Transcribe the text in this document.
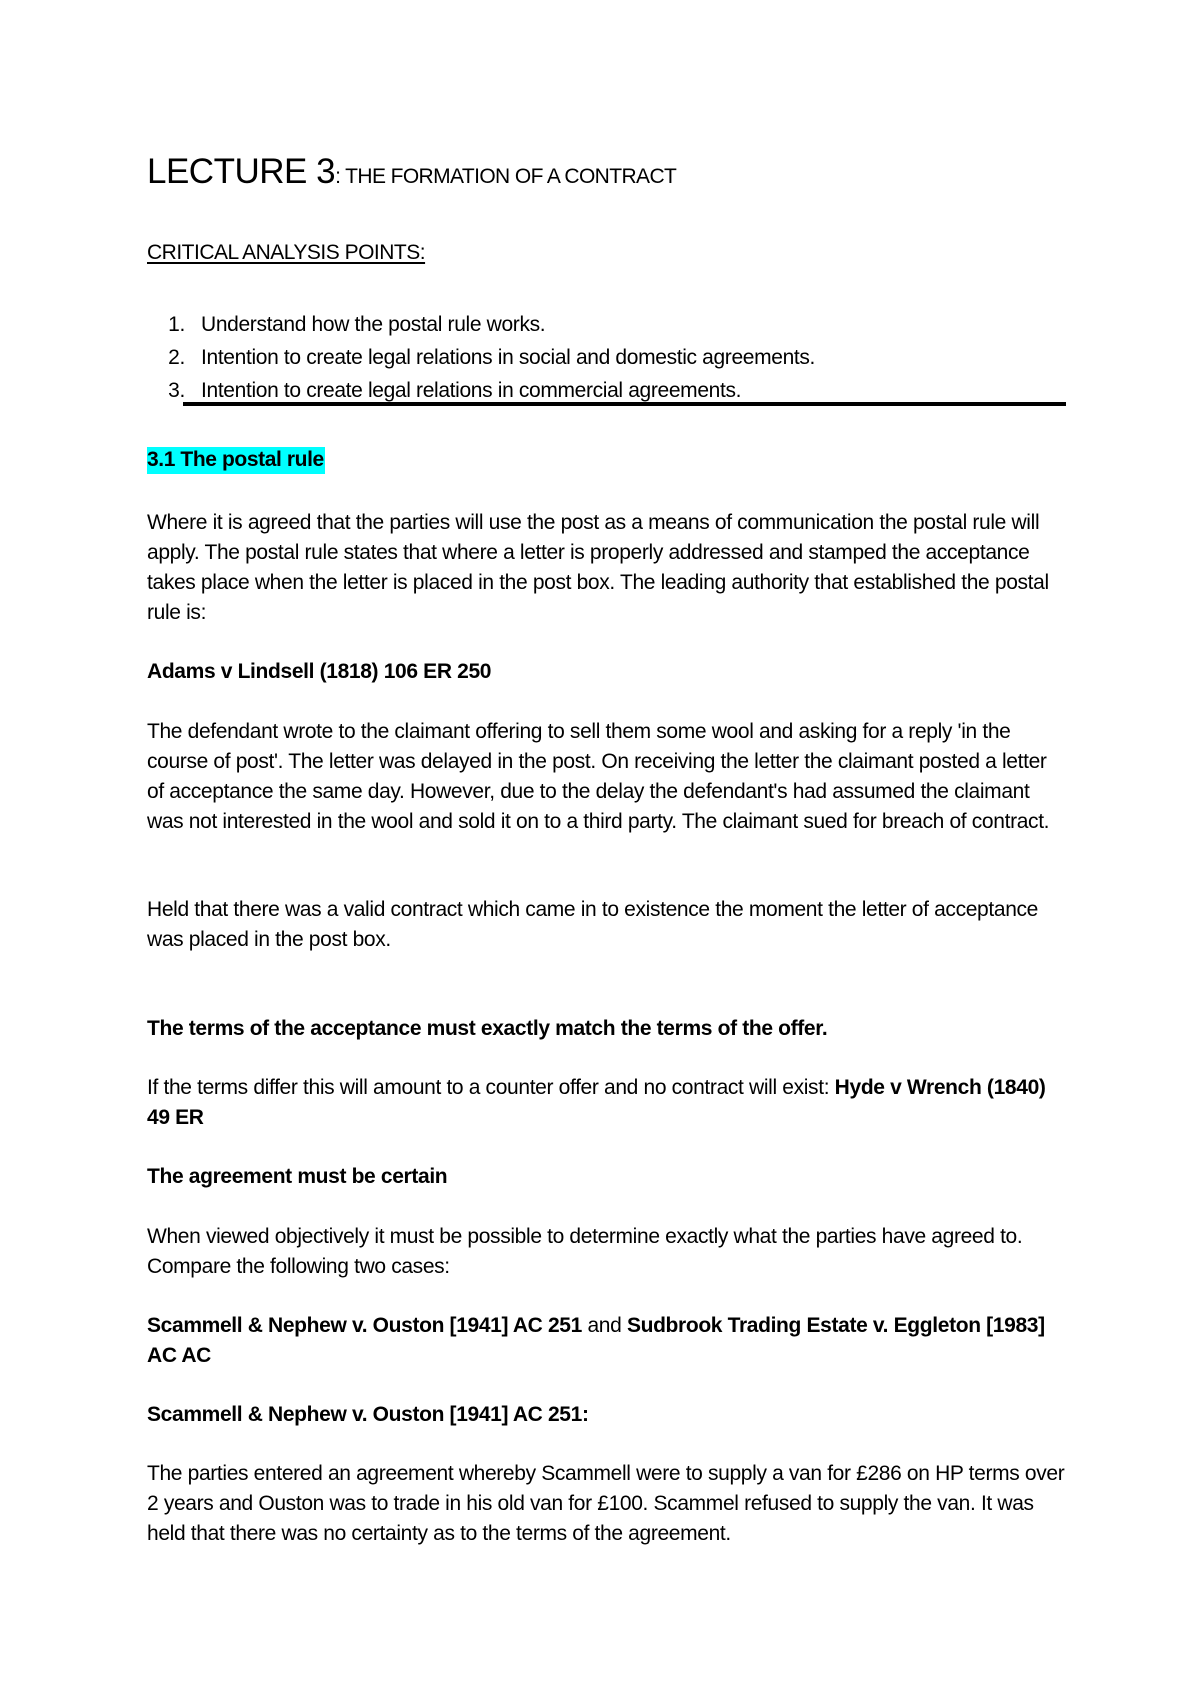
LECTURE 3: THE FORMATION OF A CONTRACT
CRITICAL ANALYSIS POINTS:
1. Understand how the postal rule works.
2. Intention to create legal relations in social and domestic agreements.
3. Intention to create legal relations in commercial agreements.
3.1 The postal rule

Where it is agreed that the parties will use the post as a means of communication the postal rule will apply. The postal rule states that where a letter is properly addressed and stamped the acceptance takes place when the letter is placed in the post box. The leading authority that established the postal rule is:

Adams v Lindsell (1818) 106 ER 250

The defendant wrote to the claimant offering to sell them some wool and asking for a reply 'in the course of post'. The letter was delayed in the post. On receiving the letter the claimant posted a letter of acceptance the same day. However, due to the delay the defendant's had assumed the claimant was not interested in the wool and sold it on to a third party. The claimant sued for breach of contract.

Held that there was a valid contract which came in to existence the moment the letter of acceptance was placed in the post box.

The terms of the acceptance must exactly match the terms of the offer.

If the terms differ this will amount to a counter offer and no contract will exist: Hyde v Wrench (1840) 49 ER

The agreement must be certain

When viewed objectively it must be possible to determine exactly what the parties have agreed to. Compare the following two cases:

Scammell & Nephew v. Ouston [1941] AC 251 and Sudbrook Trading Estate v. Eggleton [1983] AC AC

Scammell & Nephew v. Ouston [1941] AC 251:

The parties entered an agreement whereby Scammell were to supply a van for £286 on HP terms over 2 years and Ouston was to trade in his old van for £100. Scammel refused to supply the van. It was held that there was no certainty as to the terms of the agreement.
